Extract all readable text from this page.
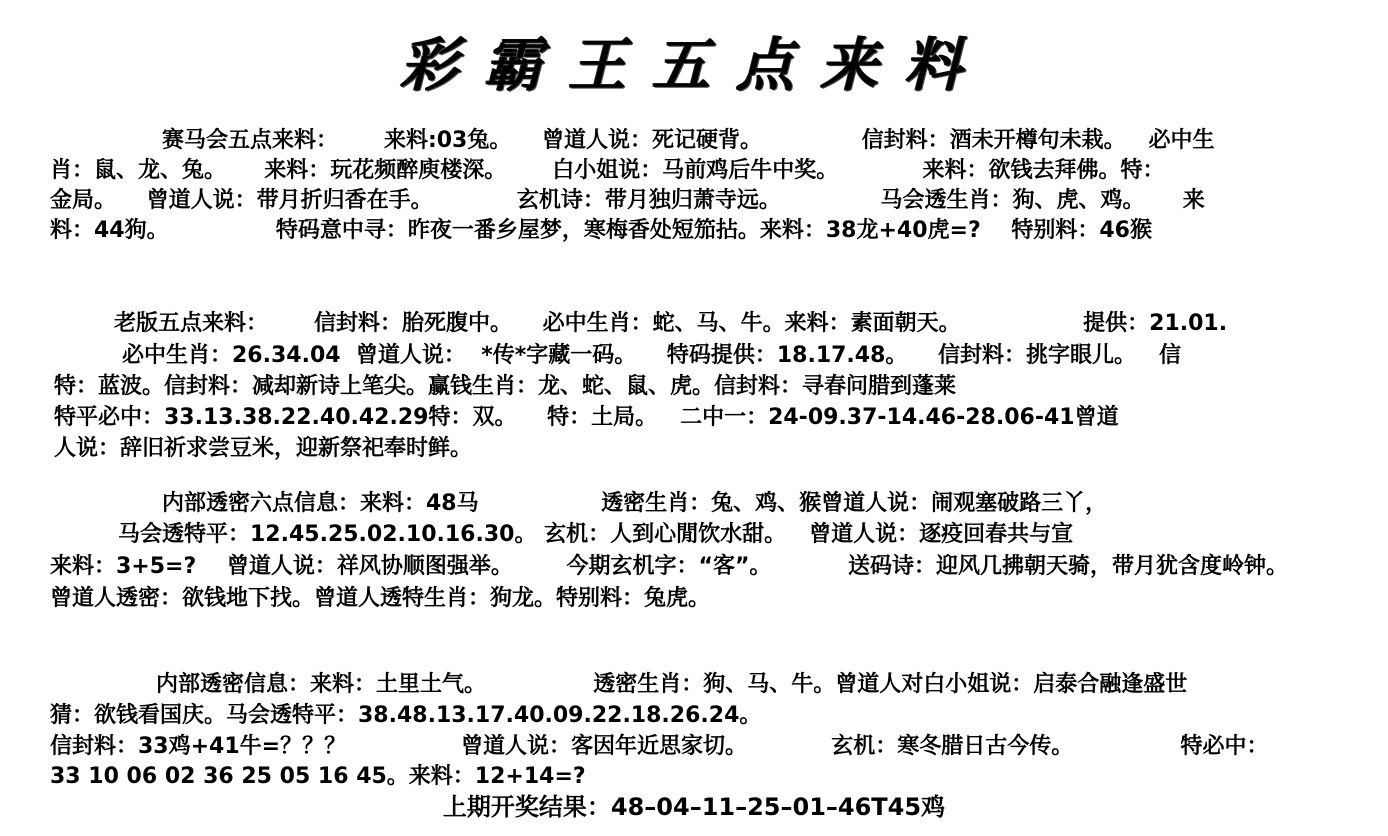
彩霸王五点来料
赛马会五点来料：      来料:03兔。    曾道人说：死记硬背。             信封料：酒未开樽句未栽。   必中生
肖：鼠、龙、兔。     来料：玩花频醉庾楼深。      白小姐说：马前鸡后牛中奖。           来料：欲钱去拜佛。特：
金局。    曾道人说：带月折归香在手。           玄机诗：带月独归萧寺远。             马会透生肖：狗、虎、鸡。     来
料：44狗。              特码意中寻：昨夜一番乡屋梦，寒梅香处短笳拈。来料：38龙+40虎=?    特别料：46猴
老版五点来料：      信封料：胎死腹中。    必中生肖：蛇、马、牛。来料：素面朝天。                提供：21.01.
必中生肖：26.34.04  曾道人说：  *传*字藏一码。    特码提供：18.17.48。    信封料：挑字眼儿。   信
特：蓝波。信封料：减却新诗上笔尖。赢钱生肖：龙、蛇、鼠、虎。信封料：寻春问腊到蓬莱
特平必中：33.13.38.22.40.42.29特：双。    特：土局。   二中一：24-09.37-14.46-28.06-41曾道
人说：辞旧祈求尝豆米，迎新祭祀奉时鲜。
内部透密六点信息：来料：48马                透密生肖：兔、鸡、猴曾道人说：闹观塞破路三丫，
马会透特平：12.45.25.02.10.16.30。 玄机：人到心閒饮水甜。   曾道人说：逐疫回春共与宣
来料：3+5=?    曾道人说：祥风协顺图强举。       今期玄机字：“客”。          送码诗：迎风几拂朝天骑，带月犹含度岭钟。
曾道人透密：欲钱地下找。曾道人透特生肖：狗龙。特别料：兔虎。
内部透密信息：来料：土里土气。              透密生肖：狗、马、牛。曾道人对白小姐说：启泰合融逢盛世
猜：欲钱看国庆。马会透特平：38.48.13.17.40.09.22.18.26.24。
信封料：33鸡+41牛=？？？               曾道人说：客因年近思家切。           玄机：寒冬腊日古今传。              特必中：
33 10 06 02 36 25 05 16 45。来料：12+14=?
上期开奖结果：48–04–11–25–01–46T45鸡
